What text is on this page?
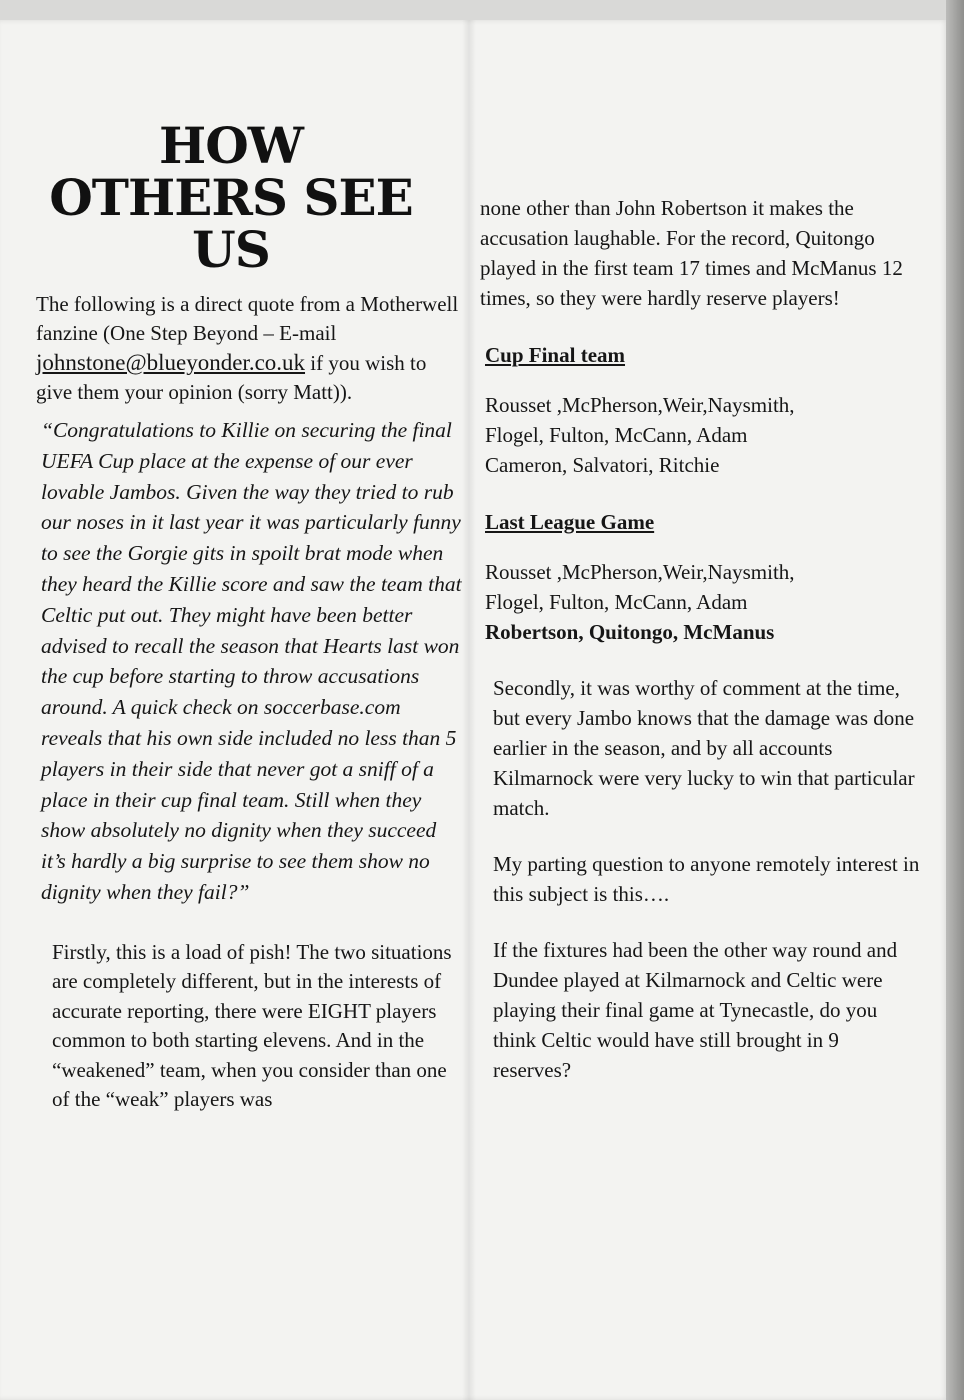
HOW
OTHERS SEE
US

The following is a direct quote from a Motherwell fanzine (One Step Beyond – E-mail
johnstone@blueyonder.co.uk if you wish to give them your opinion (sorry Matt)).

“Congratulations to Killie on securing the final UEFA Cup place at the expense of our ever lovable Jambos. Given the way they tried to rub our noses in it last year it was particularly funny to see the Gorgie gits in spoilt brat mode when they heard the Killie score and saw the team that Celtic put out. They might have been better advised to recall the season that Hearts last won the cup before starting to throw accusations around. A quick check on soccerbase.com reveals that his own side included no less than 5 players in their side that never got a sniff of a place in their cup final team. Still when they show absolutely no dignity when they succeed it’s hardly a big surprise to see them show no dignity when they fail?”

Firstly, this is a load of pish! The two situations are completely different, but in the interests of accurate reporting, there were EIGHT players common to both starting elevens. And in the “weakened” team, when you consider than one of the “weak” players was

none other than John Robertson it makes the accusation laughable. For the record, Quitongo played in the first team 17 times and McManus 12 times, so they were hardly reserve players!

Cup Final team
Rousset ,McPherson,Weir,Naysmith,
Flogel, Fulton, McCann, Adam
Cameron, Salvatori, Ritchie
Last League Game
Rousset ,McPherson,Weir,Naysmith,
Flogel, Fulton, McCann, Adam
Robertson, Quitongo, McManus

Secondly, it was worthy of comment at the time, but every Jambo knows that the damage was done earlier in the season, and by all accounts Kilmarnock were very lucky to win that particular match.

My parting question to anyone remotely interest in this subject is this….

If the fixtures had been the other way round and Dundee played at Kilmarnock and Celtic were playing their final game at Tynecastle, do you think Celtic would have still brought in 9 reserves?
